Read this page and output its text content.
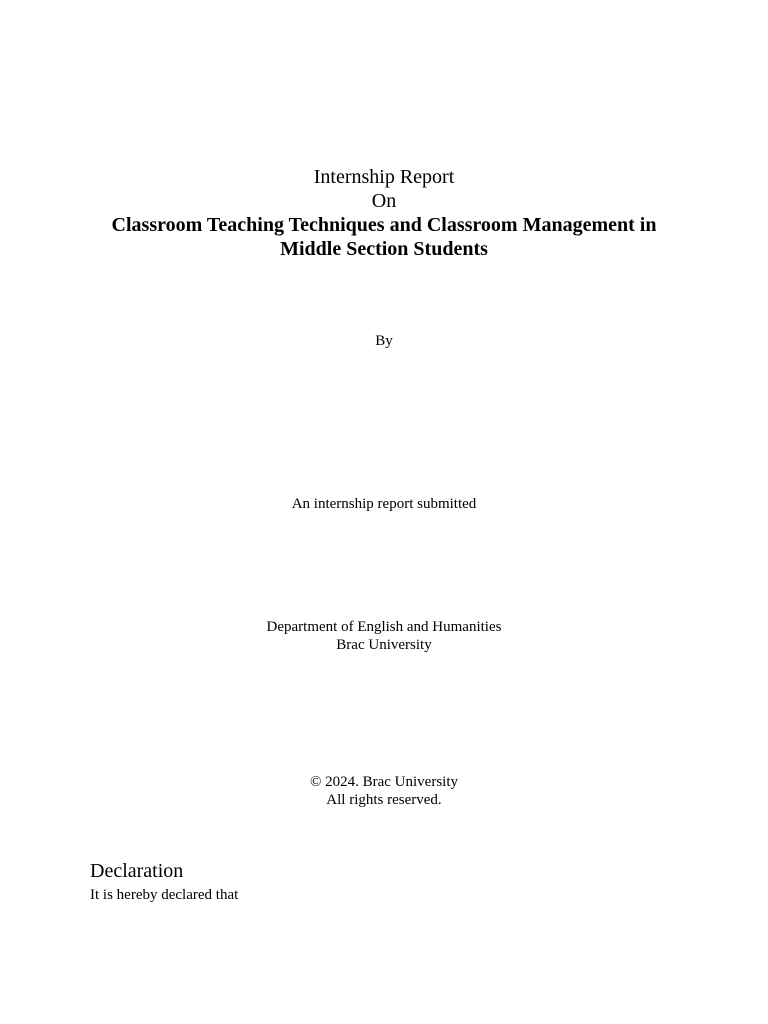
Internship Report
On
Classroom Teaching Techniques and Classroom Management in
Middle Section Students
By
An internship report submitted
Department of English and Humanities
Brac University
© 2024. Brac University
All rights reserved.
Declaration
It is hereby declared that
